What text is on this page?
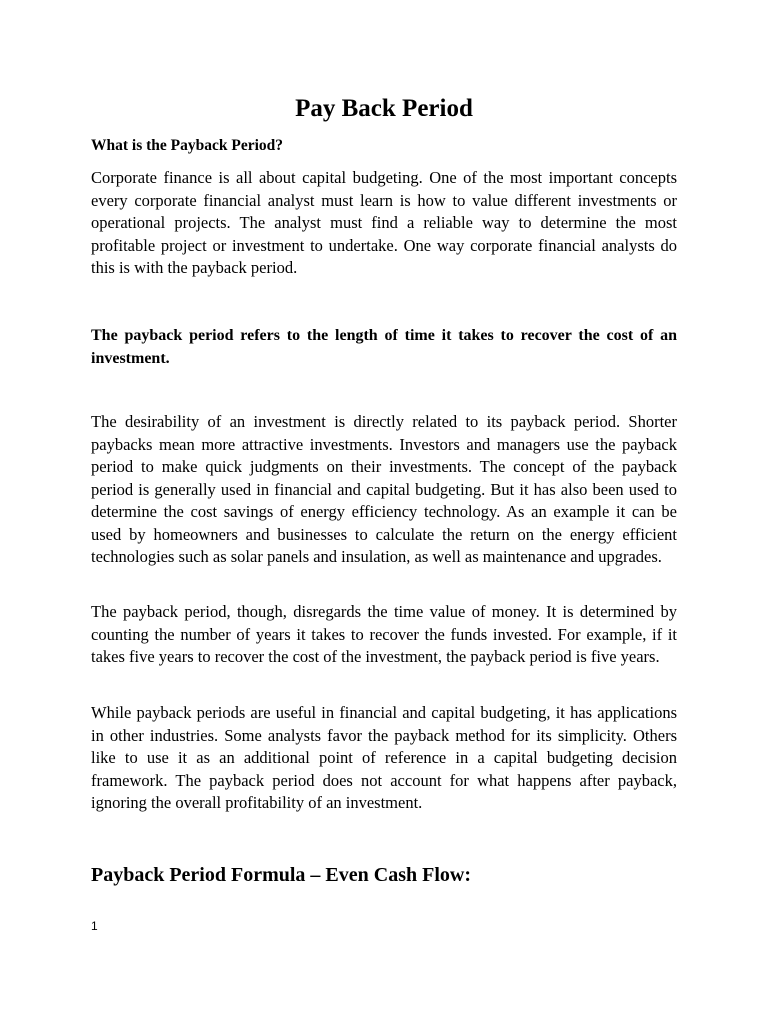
Pay Back Period
What is the Payback Period?

Corporate finance is all about capital budgeting. One of the most important concepts every corporate financial analyst must learn is how to value different investments or operational projects. The analyst must find a reliable way to determine the most profitable project or investment to undertake. One way corporate financial analysts do this is with the payback period.

The payback period refers to the length of time it takes to recover the cost of an investment.

The desirability of an investment is directly related to its payback period. Shorter paybacks mean more attractive investments. Investors and managers use the payback period to make quick judgments on their investments. The concept of the payback period is generally used in financial and capital budgeting. But it has also been used to determine the cost savings of energy efficiency technology. As an example it can be used by homeowners and businesses to calculate the return on the energy efficient technologies such as solar panels and insulation, as well as maintenance and upgrades.

The payback period, though, disregards the time value of money. It is determined by counting the number of years it takes to recover the funds invested. For example, if it takes five years to recover the cost of the investment, the payback period is five years.

While payback periods are useful in financial and capital budgeting, it has applications in other industries. Some analysts favor the payback method for its simplicity. Others like to use it as an additional point of reference in a capital budgeting decision framework. The payback period does not account for what happens after payback, ignoring the overall profitability of an investment.

Payback Period Formula – Even Cash Flow:
1
